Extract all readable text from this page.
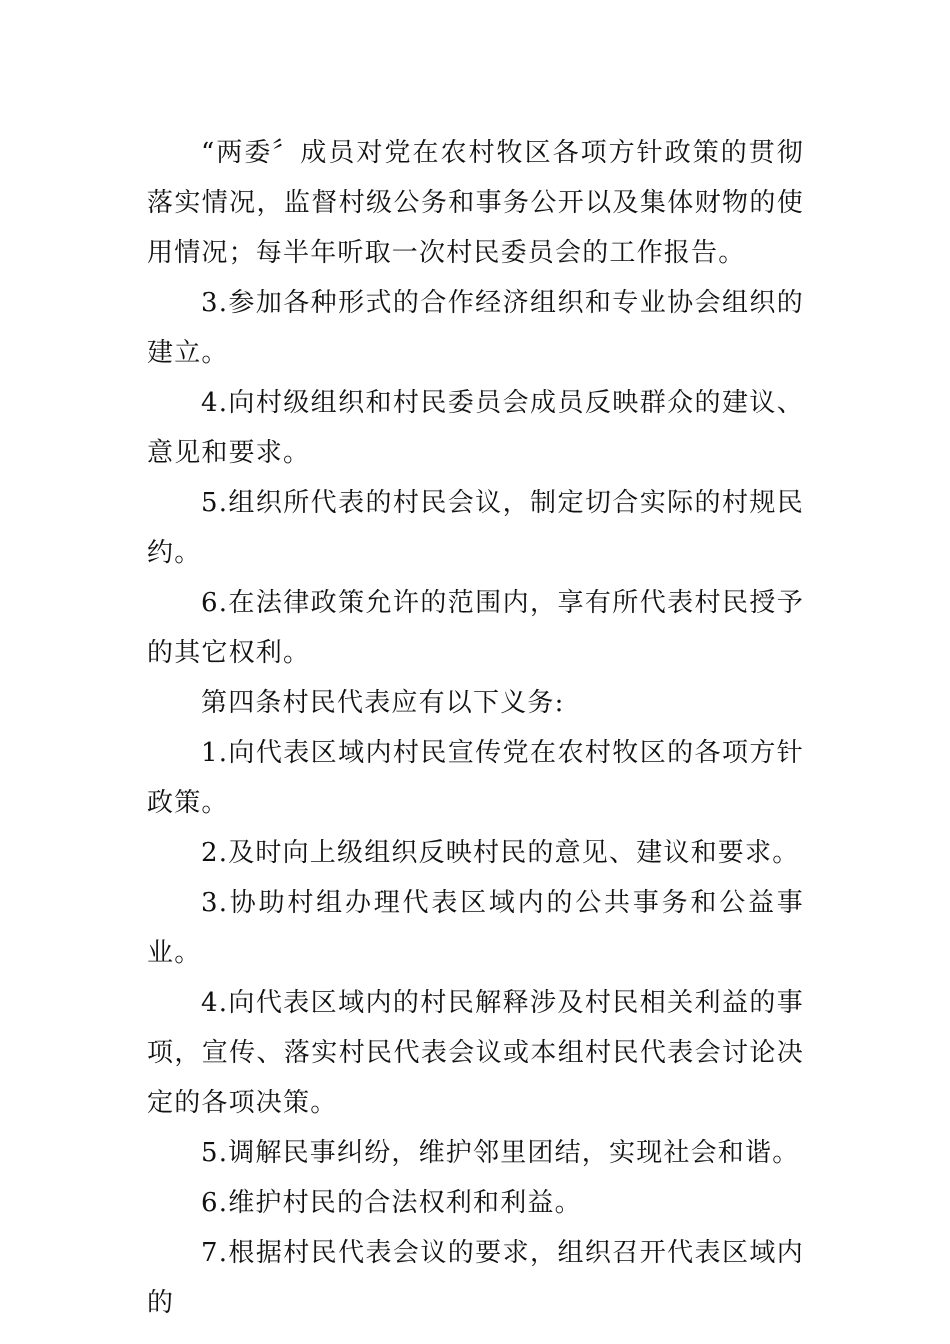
“两委〞成员对党在农村牧区各项方针政策的贯彻落实情况，监督村级公务和事务公开以及集体财物的使用情况；每半年听取一次村民委员会的工作报告。

3.参加各种形式的合作经济组织和专业协会组织的建立。

4.向村级组织和村民委员会成员反映群众的建议、意见和要求。

5.组织所代表的村民会议，制定切合实际的村规民约。

6.在法律政策允许的范围内，享有所代表村民授予的其它权利。

第四条村民代表应有以下义务:

1.向代表区域内村民宣传党在农村牧区的各项方针政策。

2.及时向上级组织反映村民的意见、建议和要求。

3.协助村组办理代表区域内的公共事务和公益事业。

4.向代表区域内的村民解释涉及村民相关利益的事项，宣传、落实村民代表会议或本组村民代表会讨论决定的各项决策。

5.调解民事纠纷，维护邻里团结，实现社会和谐。

6.维护村民的合法权利和利益。

7.根据村民代表会议的要求，组织召开代表区域内的
